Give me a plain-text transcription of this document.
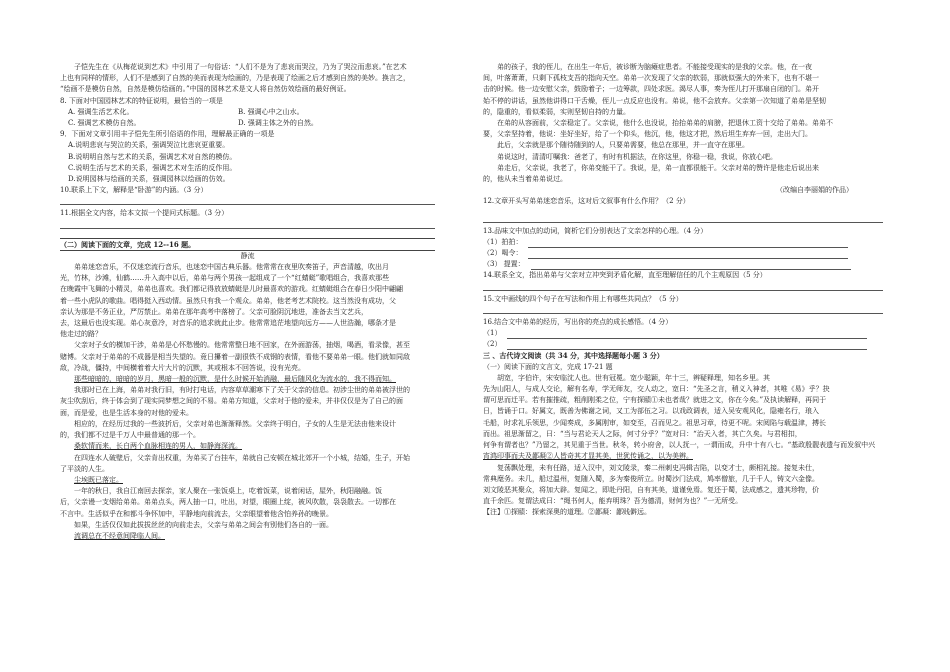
子恺先生在《从梅花说到艺术》中引用了一句俗话：“人们不是为了悲哀而哭泣，乃为了哭泣而悲哀。”在艺术
上也有同样的情形，人们不是感到了自然的美而表现为绘画的，乃是表现了绘画之后才感到自然的美妙。换言之，
“绘画不是模仿自然，自然是模仿绘画的。”中国的园林艺术是文人将自然仿效绘画的最好例证。
8. 下面对中国园林艺术的特征说明，最恰当的一项是
A. 强调生活艺术化。	B. 强调心中之山水。
C. 强调艺术模仿自然。	D. 强调主体之外的自然。
9．下面对文章引用丰子恺先生所引俗语的作用，理解最正确的一项是
A.说明悲哀与哭泣的关系，强调哭泣比悲哀更重要。
B.说明明自然与艺术的关系，强调艺术对自然的模仿。
C.说明生活与艺术的关系，强调艺术对生活的反作用。
D.说明园林与绘画的关系，强调园林以绘画的仿效。
10.联系上下文，解释是“卧游”的内涵。（3 分）
11.根据全文内容，给本文拟一个提问式标题。（3 分）
（二）阅读下面的文章，完成 12--16 题。
静流
弟弟迷恋音乐，不仅迷恋流行音乐，也迷恋中国古典乐器。他常常在夜里吹奏笛子，声音清越，吹出月
光，竹林，沙滩，仙鹤……升入高中以后，弟弟与两个男孩一起组成了一个“红蜻蜓”歌唱组合，我喜欢那些
在晚霞中飞舞的小精灵，弟弟也喜欢。我们都记得放放蜻蜓是儿时最喜欢的游戏。红蜻蜓组合在春日少阳中翩翩
着一些小虎队的歌曲。唱得挺入西动情。虽然只有我一个观众。弟弟，他老考艺术院校。这当然没有成功，父
亲认为那是不务正业，严厉禁止。弟弟在那年高考中落榜了。父亲可脸阴沉地进，准备去当文艺兵，
去，这最后也没实现。弟心灰意冷，对音乐的追求就此止步。他常常追茫地望向远方——人世浩瀚，哪条才是
他走过的路？
父亲对子女的横加干涉，弟弟是心怀愁慢的。他常常整日地不回家，在外面游荡，抽烟，喝酒，看录像，甚至
赌博。父亲对于弟弟的不成器是相当失望的。竟日攥着一副很铁不成钢的表情，看他不要弟弟一眼。他们就如同敌
敌，冷战，僵持，中间横着着大片大片的沉默，其或根本不回答说，没有光亮。
那些暗暗的，暗暗的岁月，黑暗一般的沉默，是什么时候开始消融，最后随风化为流水的，我不得而知。
我那时已在上海，弟弟对我行旧，有时打电话，内容草草潮寒下了关于父亲的信息。初涉尘世的弟弟被浮世的
灰尘吹刮后，终于体会到了现实同梦想之间的不易。弟弟方知道，父亲对于他的爱未，并非仅仅是为了自己的面
面，而是爱，也是生活本身的对他的爱未。
相应的，在经历过我的一些波折后，父亲对弟也渐渐释然。父亲终于明白，子女的人生是无法由他来设计
的，我们都不过是千万人中最普通的那一个。
桑软情而来，长白两个血脉相连的男人，如静海深流。
在四连水人破壁后，父亲肯出权重，为弟买了台挂车，弟就自己安顿在城北郊开一个小城，结婚，生子，开始
了平淡的人生。
尘埃既已落定。
一年的秋日，我自江南回去探亲，家人聚在一张饭桌上，吃着饭菜，说着闲话，屋外，秋阳融融。饭
后，父亲谩一支烟给弟弟。弟弟点头，两人抽一口，吐出，对望，眼圈上绽，被风吹散，袅袅散去。一切都在
不言中。生活似乎在和都斗争怀加中，平静地向前流去，父亲眼望着他含怕养孙的晚景。
如果，生活仅仅如此拔拔丝丝的向前走去，父亲与弟弟之间会有别他们各自的一面。
流调总在不经意间降临人间。
弟的孩子，我的侄儿，在出生一年后，被诊断为脑瘫症患者。不能接受现实的是我的父亲。他，在一夜
间，叶落萧萧，只剩下孤枝支吾的指向天空。弟弟一次发现了父亲的软弱，那就似强大的外来下，也有不堪一
击的时候。他一边安慰父亲，鼓励着子；一边筹款，四处求医。渴尽人事，奏为侄儿打开那扇自闭的门。弟开
始不停的讲话，虽然他讲得口干舌燥，侄儿一点反应也没有。弟说，他不会放弃。父亲第一次知道了弟弟是坚韧
的，隐重的，看似柔弱，实则坚韧自持的力量。
在弟的从容面前，父亲稳定了。父亲说，他什么也没说，抬抬弟弟的肩膀，把退休工资十交给了弟弟。弟弟不
要，父亲坚持着，他说：坐好坐好，给了一个仰头，他沉，他，他这才把，然后坦生弃弃一回，走出大门。
此后，父亲就是那个随待随到的人，只要弟需要，他总在那里，并一直守在那里。
弟说这时，清清叮嘱我：爸老了，有时有机据法，在你这里，你稳一稳，我说，你放心吧。
弟走后，父亲说，我老了，你弟变能干了。我说，是，弟一直都很能干。父亲对弟的赞许是他走后说出来
的，他从未当着弟弟说过。
（改编自李丽娟的作品）
12.文章开头写弟弟迷恋音乐，这对后文叙事有什么作用？（2 分）
13.品味文中加点的动词，简析它们分别表达了文亲怎样的心理。（4 分）
（1）拍拍：
（2）喝令：
（3） 提置：
14.联系全文，指出弟弟与父亲对立冲突到矛盾化解，直至理解信任的几个主观原因（5 分）
15.文中画线的四个句子在写法和作用上有哪些共同点？（5 分）
16.结合文中弟弟的经历，写出你的亮点的成长感悟。（4 分）
（1）
（2）
三 、古代诗文阅读（共 34 分，其中选择题每小题 3 分）
（一）阅读下面的文言文，完成 17-21 题
胡宽，字伯许，宋安临沈人也。世有冠冕。宽少聪颖，年十三，辨疑释理，知名乡里。其
先为山阳人，与成人交论，解有名寿，学无师友，交人动之，宽曰：“先圣之言，稍义入神者，其唯《易》乎？抉
谓可思而迁平。若有摧推疏，粗削刚柔之位，宁有探赜①未也者哉？就进之文，你在今矣。”及执读解释，再同于
日，皆诵于口。好属文，既善为佛谢之词，又工为部伍之习。以戏政调表，适入吴安观风化，隐雍名行，琅入
毛船，时求礼乐领思，少闻奏成，多属刚审，如变至，召而见之。祖思习章，待更不呢。宋阅陷与载温津，搏长
而出。祖思渐留之，曰：“当与君论天人之际，何寸分乎？”宽对曰：“治天入者，其亡久矣。与君相扣，
何争有谓者也？”乃留之，其见重于当世。秋冬，转小府舍，以人抚一，一谓而成，升中十有八七。“基政殷靓表遗与而发叙中兴
宵鸿印事而夫及鄙凝②人皆奇其才显其美，世犹传诵之，以为美辨。
复荡飘处理，未有任路，适入汉中，刘文陵录，秦二州刺史冯辑吉陷，以变才士，颇相礼接。接复未仕，
常典麾务。未几，船过温州，复随入蜀，多为秦俊所立。时蜀沙门法成，鸠率僧旅，几于千人，铸文六金像。
刘文陵恶其聚众，将加大辟。复闻之，即赴丹阳，自有其美，道谨免焉。复还于蜀，法成感之，遗其珍物，价
直千余匹。复谓法成曰：“绳书何人，能弃明珠？吾为德清，财何为也？”一无所受。
【注】①探赜：探索深奥的道理。②鄙凝：鄙贱僻远。
